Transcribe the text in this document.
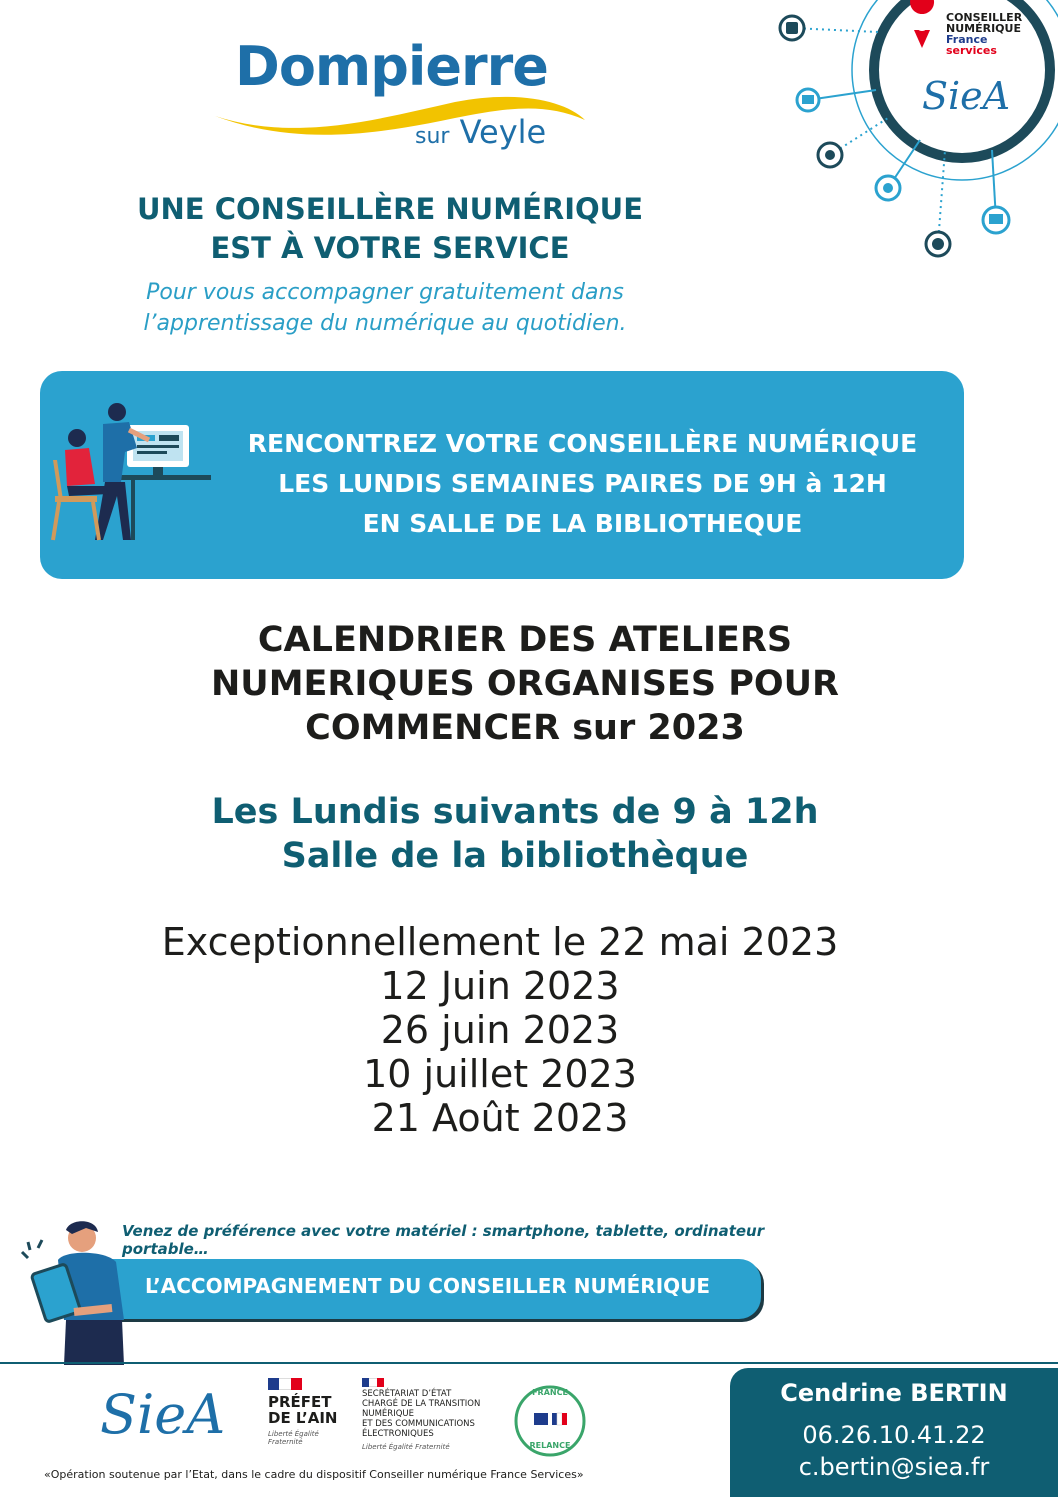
Dompierre
sur Veyle
CONSEILLER
NUMÉRIQUE
France
services
SieA
UNE CONSEILLÈRE NUMÉRIQUE
EST À VOTRE SERVICE
Pour vous accompagner gratuitement dans
l’apprentissage du numérique au quotidien.
RENCONTREZ VOTRE CONSEILLÈRE NUMÉRIQUE
LES LUNDIS SEMAINES PAIRES DE 9H à 12H
EN SALLE DE LA BIBLIOTHEQUE
CALENDRIER DES ATELIERS
NUMERIQUES ORGANISES POUR
COMMENCER sur 2023
Les Lundis suivants de 9 à 12h
Salle de la bibliothèque
Exceptionnellement le 22 mai 2023
12 Juin 2023
26 juin 2023
10 juillet 2023
21 Août 2023
Venez de préférence avec votre matériel : smartphone, tablette, ordinateur portable…
L’ACCOMPAGNEMENT DU CONSEILLER NUMÉRIQUE
SieA	PRÉFET
DE L’AIN
Liberté Égalité Fraternité
SECRÉTARIAT D’ÉTAT
CHARGÉ DE LA TRANSITION
NUMÉRIQUE
ET DES COMMUNICATIONS
ÉLECTRONIQUES
Liberté Égalité Fraternité
FRANCE
RELANCE
«Opération soutenue par l’Etat, dans le cadre du dispositif Conseiller numérique France Services»
Cendrine BERTIN
06.26.10.41.22
c.bertin@siea.fr
